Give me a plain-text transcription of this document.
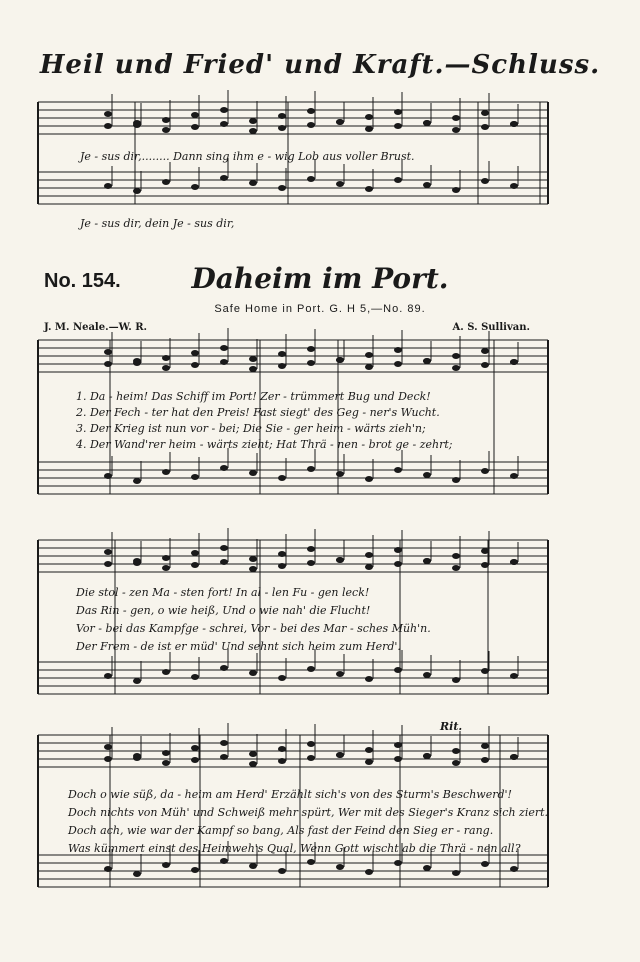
Heil und Fried' und Kraft.—Schluss.
Je - sus dir,........ Dann sing ihm e - wig Lob aus voller Brust.
Je - sus dir, dein Je - sus dir,
No. 154.	Daheim im Port.
Safe Home in Port. G. H 5,—No. 89.
J. M. Neale.—W. R.	A. S. Sullivan.
1. Da - heim! Das Schiff im Port! Zer - trümmert Bug und Deck!
2. Der Fech - ter hat den Preis! Fast siegt' des Geg - ner's Wucht.
3. Der Krieg ist nun vor - bei; Die Sie - ger heim - wärts zieh'n;
4. Der Wand'rer heim - wärts zieht; Hat Thrä - nen - brot ge - zehrt;
Die stol - zen Ma - sten fort! In al - len Fu - gen leck!
Das Rin - gen, o wie heiß, Und o wie nah' die Flucht!
Vor - bei das Kampfge - schrei, Vor - bei des Mar - sches Müh'n.
Der Frem - de ist er müd' Und sehnt sich heim zum Herd'.
Rit.
Doch o wie süß, da - heim am Herd' Erzählt sich's von des Sturm's Beschwerd'!
Doch nichts von Müh' und Schweiß mehr spürt, Wer mit des Sieger's Kranz sich ziert.
Doch ach, wie war der Kampf so bang, Als fast der Feind den Sieg er - rang.
Was kümmert einst des Heimweh's Qual, Wenn Gott wischt ab die Thrä - nen all?
